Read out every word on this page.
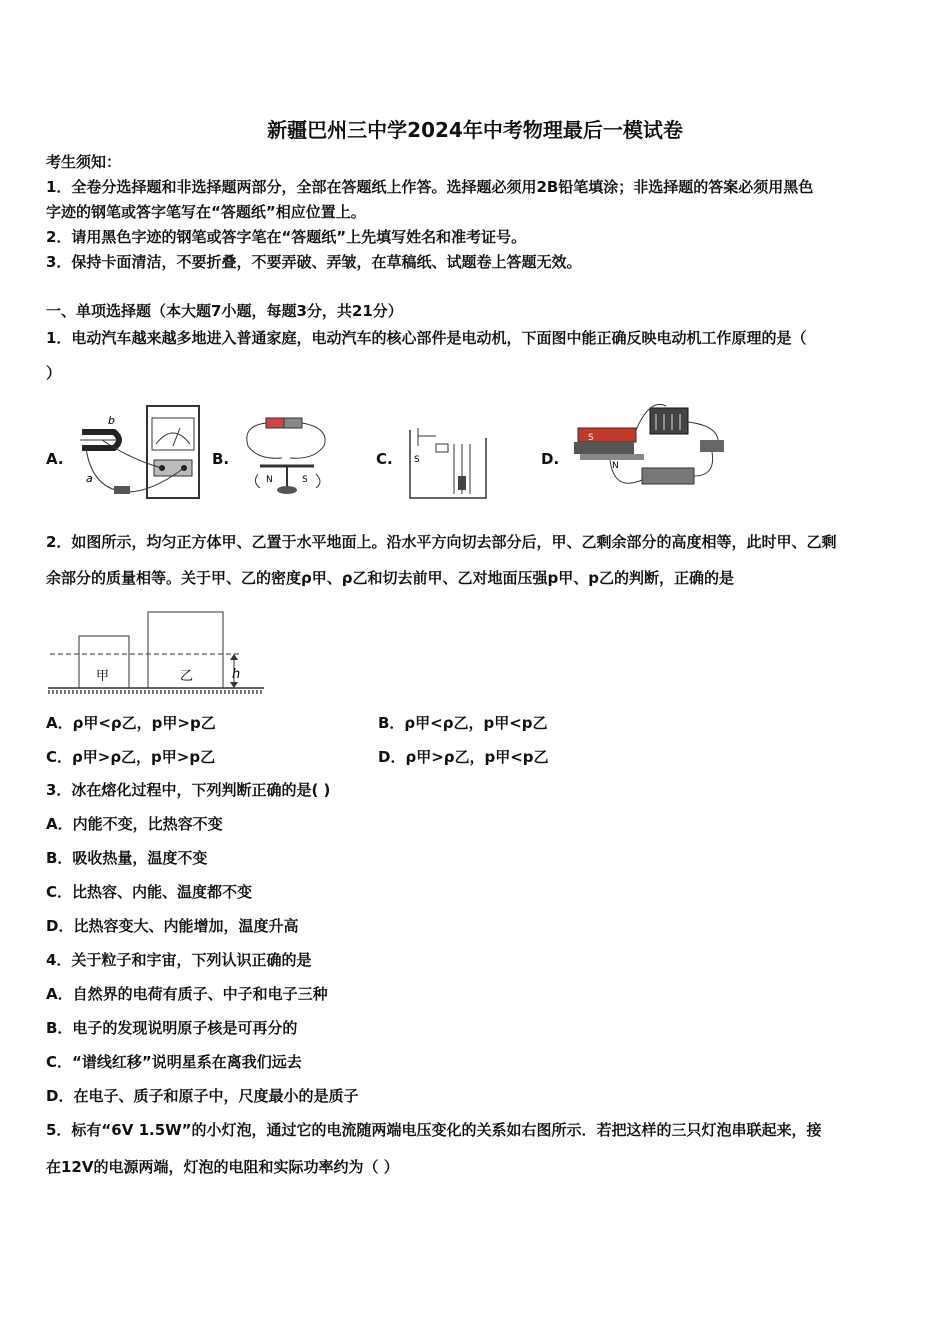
新疆巴州三中学2024年中考物理最后一模试卷
考生须知：
1．全卷分选择题和非选择题两部分，全部在答题纸上作答。选择题必须用2B铅笔填涂；非选择题的答案必须用黑色
字迹的钢笔或答字笔写在“答题纸”相应位置上。
2．请用黑色字迹的钢笔或答字笔在“答题纸”上先填写姓名和准考证号。
3．保持卡面清洁，不要折叠，不要弄破、弄皱，在草稿纸、试题卷上答题无效。
一、单项选择题（本大题7小题，每题3分，共21分）
1．电动汽车越来越多地进入普通家庭，电动汽车的核心部件是电动机，下面图中能正确反映电动机工作原理的是（
）
A.
b
a
B.
N	S
C. S	D.
S
N
2．如图所示，均匀正方体甲、乙置于水平地面上。沿水平方向切去部分后，甲、乙剩余部分的高度相等，此时甲、乙剩
余部分的质量相等。关于甲、乙的密度ρ甲、ρ乙和切去前甲、乙对地面压强p甲、p乙的判断，正确的是
甲	乙	h
A．ρ甲<ρ乙，p甲>p乙	B．ρ甲<ρ乙，p甲<p乙
C．ρ甲>ρ乙，p甲>p乙	D．ρ甲>ρ乙，p甲<p乙
3．冰在熔化过程中，下列判断正确的是( )
A．内能不变，比热容不变
B．吸收热量，温度不变
C．比热容、内能、温度都不变
D．比热容变大、内能增加，温度升高
4．关于粒子和宇宙，下列认识正确的是
A．自然界的电荷有质子、中子和电子三种
B．电子的发现说明原子核是可再分的
C．“谱线红移”说明星系在离我们远去
D．在电子、质子和原子中，尺度最小的是质子
5．标有“6V 1.5W”的小灯泡，通过它的电流随两端电压变化的关系如右图所示．若把这样的三只灯泡串联起来，接
在12V的电源两端，灯泡的电阻和实际功率约为（ ）
